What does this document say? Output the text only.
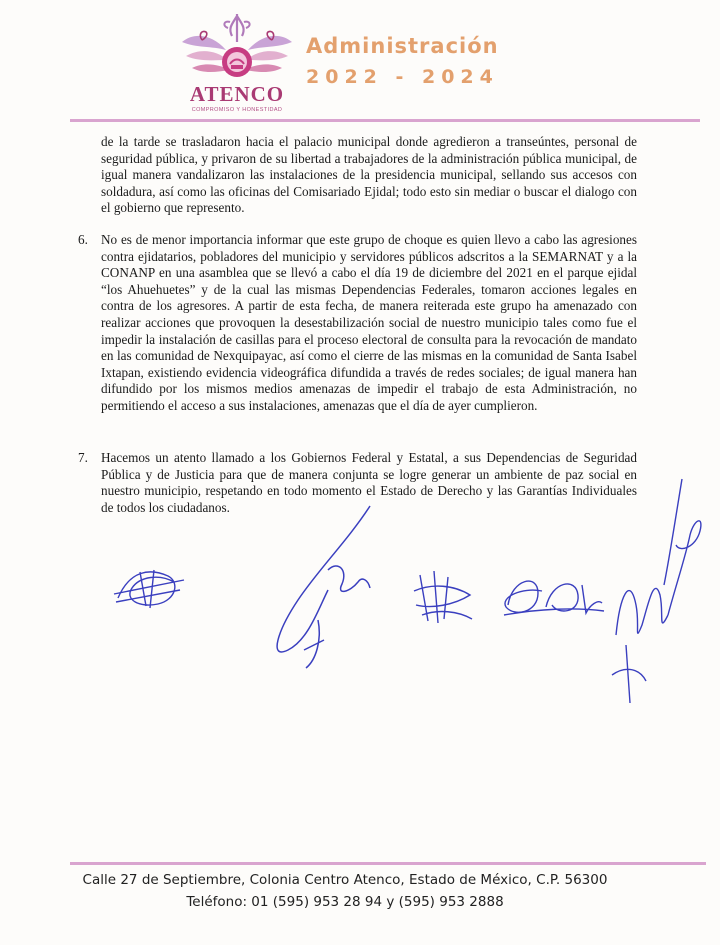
ATENCO
COMPROMISO Y HONESTIDAD
Administración
2022 - 2024
de la tarde se trasladaron hacia el palacio municipal donde agredieron a transeúntes, personal de seguridad pública, y privaron de su libertad a trabajadores de la administración pública municipal, de igual manera vandalizaron las instalaciones de la presidencia municipal, sellando sus accesos con soldadura, así como las oficinas del Comisariado Ejidal; todo esto sin mediar o buscar el dialogo con el gobierno que represento.
6. No es de menor importancia informar que este grupo de choque es quien llevo a cabo las agresiones contra ejidatarios, pobladores del municipio y servidores públicos adscritos a la SEMARNAT y a la CONANP en una asamblea que se llevó a cabo el día 19 de diciembre del 2021 en el parque ejidal “los Ahuehuetes” y de la cual las mismas Dependencias Federales, tomaron acciones legales en contra de los agresores. A partir de esta fecha, de manera reiterada este grupo ha amenazado con realizar acciones que provoquen la desestabilización social de nuestro municipio tales como fue el impedir la instalación de casillas para el proceso electoral de consulta para la revocación de mandato en las comunidad de Nexquipayac, así como el cierre de las mismas en la comunidad de Santa Isabel Ixtapan, existiendo evidencia videográfica difundida a través de redes sociales; de igual manera han difundido por los mismos medios amenazas de impedir el trabajo de esta Administración, no permitiendo el acceso a sus instalaciones, amenazas que el día de ayer cumplieron.
7. Hacemos un atento llamado a los Gobiernos Federal y Estatal, a sus Dependencias de Seguridad Pública y de Justicia para que de manera conjunta se logre generar un ambiente de paz social en nuestro municipio, respetando en todo momento el Estado de Derecho y las Garantías Individuales de todos los ciudadanos.
Calle 27 de Septiembre, Colonia Centro Atenco, Estado de México, C.P. 56300
Teléfono: 01 (595) 953 28 94 y (595) 953 2888
